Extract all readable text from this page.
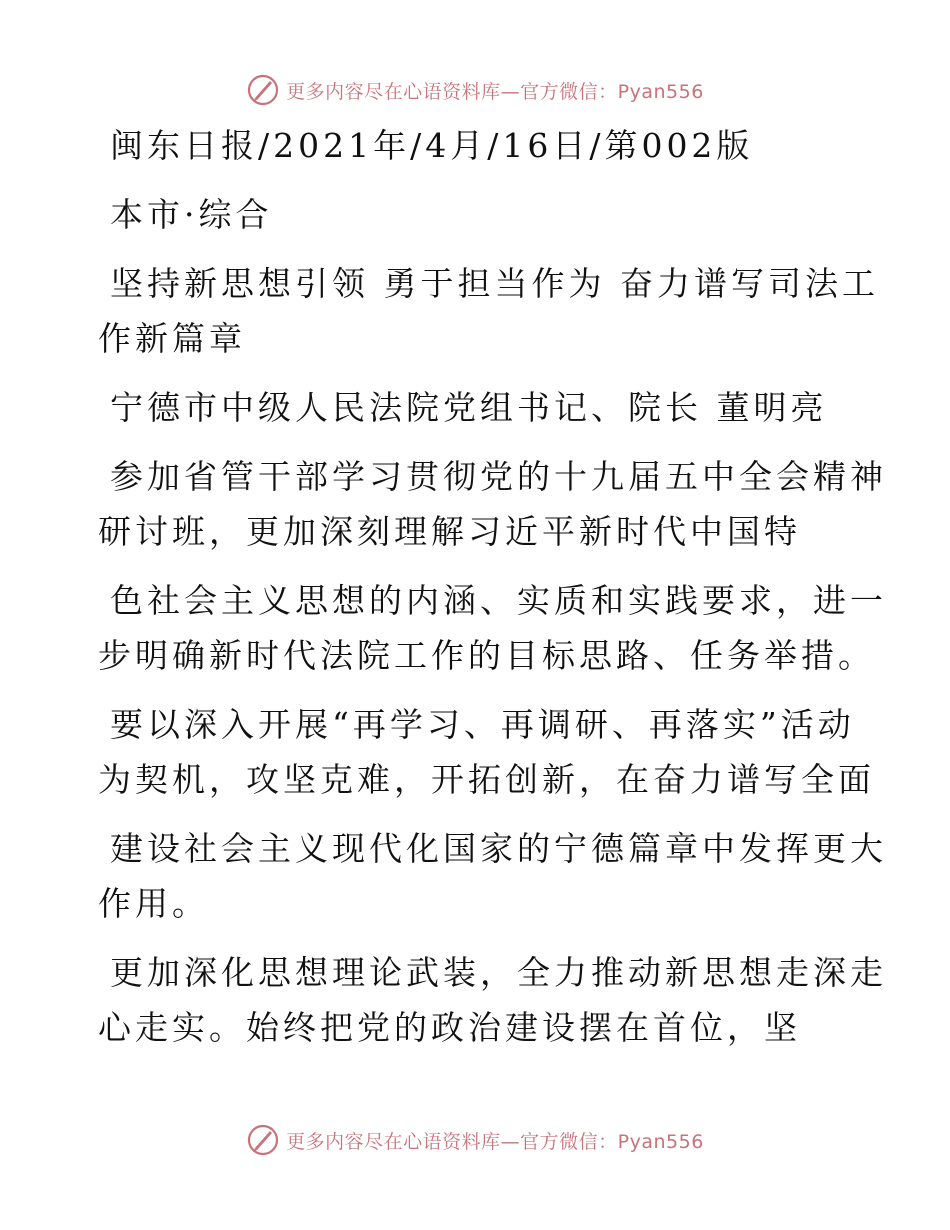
更多内容尽在心语资料库—官方微信：Pyan556

闽东日报/2021年/4月/16日/第002版

本市·综合

坚持新思想引领 勇于担当作为 奋力谱写司法工
作新篇章

宁德市中级人民法院党组书记、院长 董明亮

参加省管干部学习贯彻党的十九届五中全会精神
研讨班，更加深刻理解习近平新时代中国特

色社会主义思想的内涵、实质和实践要求，进一
步明确新时代法院工作的目标思路、任务举措。

要以深入开展“再学习、再调研、再落实”活动
为契机，攻坚克难，开拓创新，在奋力谱写全面

建设社会主义现代化国家的宁德篇章中发挥更大
作用。

更加深化思想理论武装，全力推动新思想走深走
心走实。始终把党的政治建设摆在首位，坚

更多内容尽在心语资料库—官方微信：Pyan556
